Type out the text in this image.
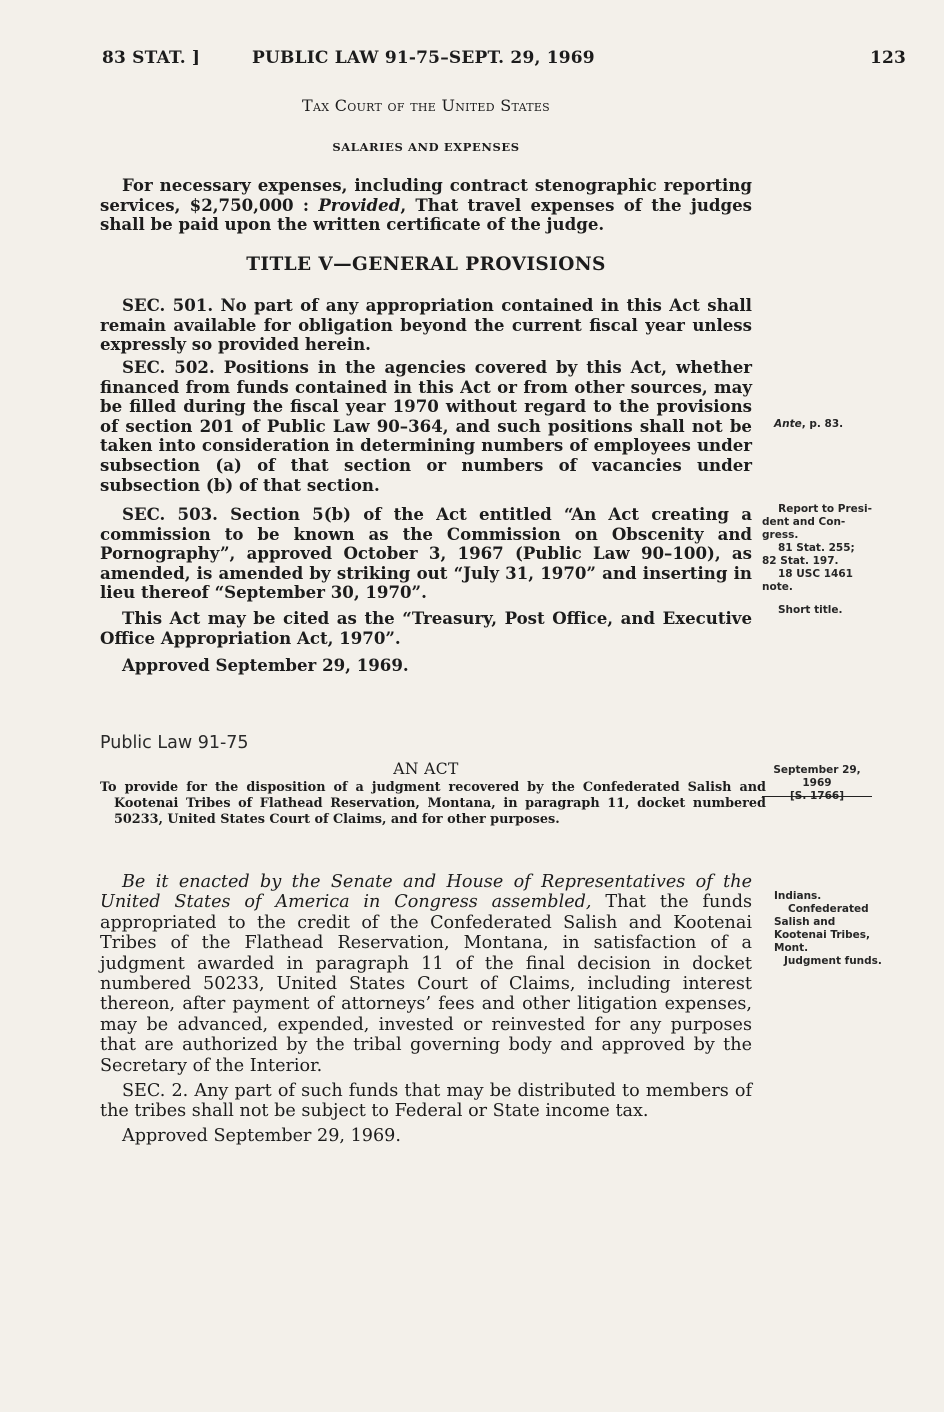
83 STAT. ]	PUBLIC LAW 91-75–SEPT. 29, 1969	123
Tax Court of the United States
SALARIES AND EXPENSES

For necessary expenses, including contract stenographic reporting services, $2,750,000 : Provided, That travel expenses of the judges shall be paid upon the written certificate of the judge.

TITLE V—GENERAL PROVISIONS

SEC. 501. No part of any appropriation contained in this Act shall remain available for obligation beyond the current fiscal year unless expressly so provided herein.

SEC. 502. Positions in the agencies covered by this Act, whether financed from funds contained in this Act or from other sources, may be filled during the fiscal year 1970 without regard to the provisions of section 201 of Public Law 90–364, and such positions shall not be taken into consideration in determining numbers of employees under subsection (a) of that section or numbers of vacancies under subsection (b) of that section.

SEC. 503. Section 5(b) of the Act entitled “An Act creating a commission to be known as the Commission on Obscenity and Pornography”, approved October 3, 1967 (Public Law 90–100), as amended, is amended by striking out “July 31, 1970” and inserting in lieu thereof “September 30, 1970”.

This Act may be cited as the “Treasury, Post Office, and Executive Office Appropriation Act, 1970”.

Approved September 29, 1969.
Public Law 91-75
AN ACT

To provide for the disposition of a judgment recovered by the Confederated Salish and Kootenai Tribes of Flathead Reservation, Montana, in paragraph 11, docket numbered 50233, United States Court of Claims, and for other purposes.

Be it enacted by the Senate and House of Representatives of the United States of America in Congress assembled, That the funds appropriated to the credit of the Confederated Salish and Kootenai Tribes of the Flathead Reservation, Montana, in satisfaction of a judgment awarded in paragraph 11 of the final decision in docket numbered 50233, United States Court of Claims, including interest thereon, after payment of attorneys’ fees and other litigation expenses, may be advanced, expended, invested or reinvested for any purposes that are authorized by the tribal governing body and approved by the Secretary of the Interior.

SEC. 2. Any part of such funds that may be distributed to members of the tribes shall not be subject to Federal or State income tax.

Approved September 29, 1969.
Ante, p. 83.
Report to Presi-
dent and Con-
gress.
81 Stat. 255;
82 Stat. 197.
18 USC 1461
note.
Short title.
September 29, 1969
[S. 1766]
Indians.
Confederated
Salish and
Kootenai Tribes,
Mont.
Judgment funds.
